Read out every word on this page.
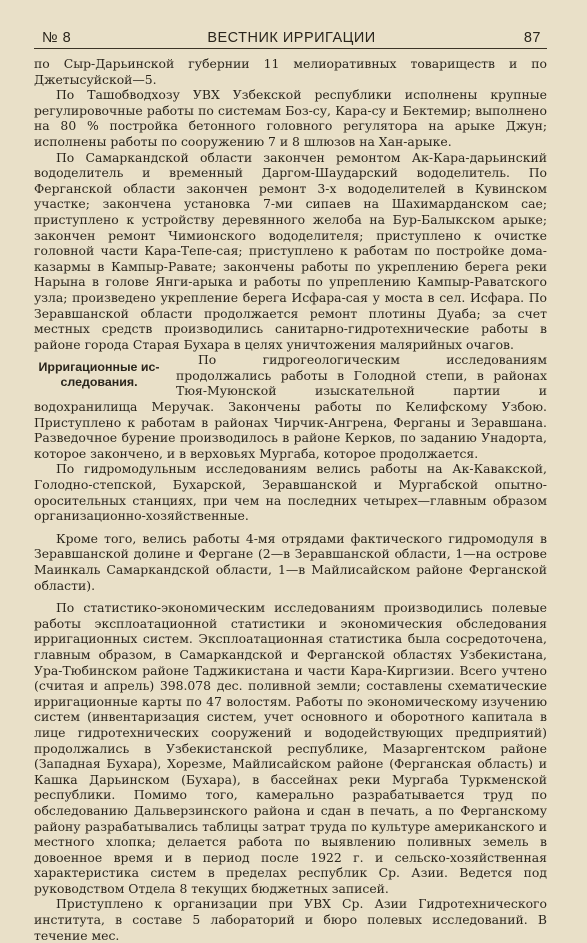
№ 8	ВЕСТНИК ИРРИГАЦИИ	87

по Сыр-Дарьинской губернии 11 мелиоративных товариществ и по Джетысуйской—5.

По Ташобводхозу УВХ Узбекской республики исполнены крупные регулировочные работы по системам Боз-су, Кара-су и Бектемир; выполнено на 80 % постройка бетонного головного регулятора на арыке Джун; исполнены работы по сооружению 7 и 8 шлюзов на Хан-арыке.

По Самаркандской области закончен ремонтом Ак-Кара-дарьинский вододелитель и временный Даргом-Шаударский вододелитель. По Ферганской области закончен ремонт 3-х вододелителей в Кувинском участке; закончена установка 7-ми сипаев на Шахимарданском сае; приступлено к устройству деревянного желоба на Бур-Балыкском арыке; закончен ремонт Чимионского вододелителя; приступлено к очистке головной части Кара-Тепе-сая; приступлено к работам по постройке дома-казармы в Кампыр-Равате; закончены работы по укреплению берега реки Нарына в голове Янги-арыка и работы по упреплению Кампыр-Раватского узла; произведено укрепление берега Исфара-сая у моста в сел. Исфара. По Зеравшанской области продолжается ремонт плотины Дуаба; за счет местных средств производились санитарно-гидротехнические работы в районе города Старая Бухара в целях уничтожения малярийных очагов.

Ирригационные ис-
следования.

По гидрогеологическим исследованиям продолжались работы в Голодной степи, в районах Тюя-Муюнской изыскательной партии и водохранилища Меручак. Закончены работы по Келифскому Узбою. Приступлено к работам в районах Чирчик-Ангрена, Ферганы и Зеравшана. Разведочное бурение производилось в районе Керков, по заданию Унадорта, которое закончено, и в верховьях Мургаба, которое продолжается.

По гидромодульным исследованиям велись работы на Ак-Кавакской, Голодно-степской, Бухарской, Зеравшанской и Мургабской опытно-оросительных станциях, при чем на последних четырех—главным образом организационно-хозяйственные.

Кроме того, велись работы 4-мя отрядами фактического гидромодуля в Зеравшанской долине и Фергане (2—в Зеравшанской области, 1—на острове Маинкаль Самаркандской области, 1—в Майлисайском районе Ферганской области).

По статистико-экономическим исследованиям производились полевые работы эксплоатационной статистики и экономическия обследования ирригационных систем. Эксплоатационная статистика была сосредоточена, главным образом, в Самаркандской и Ферганской областях Узбекистана, Ура-Тюбинском районе Таджикистана и части Кара-Киргизии. Всего учтено (считая и апрель) 398.078 дес. поливной земли; составлены схематические ирригационные карты по 47 волостям. Работы по экономическому изучению систем (инвентаризация систем, учет основного и оборотного капитала в лице гидротехнических сооружений и вододействующих предприятий) продолжались в Узбекистанской республике, Мазаргентском районе (Западная Бухара), Хорезме, Майлисайском районе (Ферганская область) и Кашка Дарьинском (Бухара), в бассейнах реки Мургаба Туркменской республики. Помимо того, камерально разрабатывается труд по обследованию Дальверзинского района и сдан в печать, а по Ферганскому району разрабатывались таблицы затрат труда по культуре американского и местного хлопка; делается работа по выявлению поливных земель в довоенное время и в период после 1922 г. и сельско-хозяйственная характеристика систем в пределах республик Ср. Азии. Ведется под руководством Отдела 8 текущих бюджетных записей.

Приступлено к организации при УВХ Ср. Азии Гидротехнического института, в составе 5 лабораторий и бюро полевых исследований. В течение мес.
